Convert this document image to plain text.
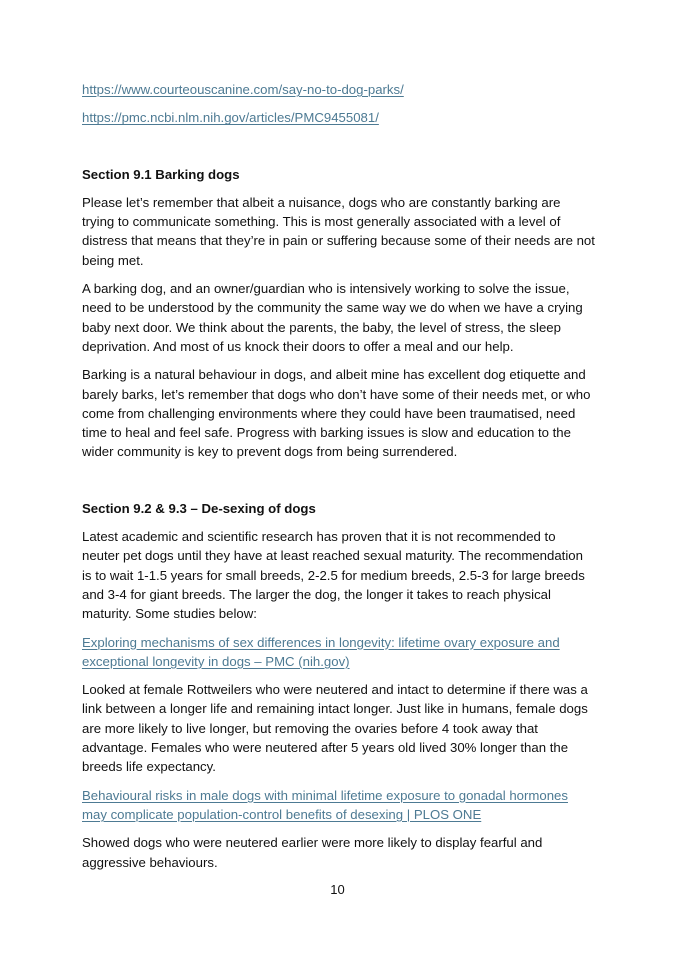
https://www.courteouscanine.com/say-no-to-dog-parks/
https://pmc.ncbi.nlm.nih.gov/articles/PMC9455081/
Section 9.1 Barking dogs

Please let’s remember that albeit a nuisance, dogs who are constantly barking are trying to communicate something. This is most generally associated with a level of distress that means that they’re in pain or suffering because some of their needs are not being met.

A barking dog, and an owner/guardian who is intensively working to solve the issue, need to be understood by the community the same way we do when we have a crying baby next door. We think about the parents, the baby, the level of stress, the sleep deprivation. And most of us knock their doors to offer a meal and our help.

Barking is a natural behaviour in dogs, and albeit mine has excellent dog etiquette and barely barks, let’s remember that dogs who don’t have some of their needs met, or who come from challenging environments where they could have been traumatised, need time to heal and feel safe. Progress with barking issues is slow and education to the wider community is key to prevent dogs from being surrendered.

Section 9.2 & 9.3 – De-sexing of dogs

Latest academic and scientific research has proven that it is not recommended to neuter pet dogs until they have at least reached sexual maturity. The recommendation is to wait 1-1.5 years for small breeds, 2-2.5 for medium breeds, 2.5-3 for large breeds and 3-4 for giant breeds. The larger the dog, the longer it takes to reach physical maturity. Some studies below:

Exploring mechanisms of sex differences in longevity: lifetime ovary exposure and exceptional longevity in dogs – PMC (nih.gov)

Looked at female Rottweilers who were neutered and intact to determine if there was a link between a longer life and remaining intact longer. Just like in humans, female dogs are more likely to live longer, but removing the ovaries before 4 took away that advantage. Females who were neutered after 5 years old lived 30% longer than the breeds life expectancy.

Behavioural risks in male dogs with minimal lifetime exposure to gonadal hormones may complicate population-control benefits of desexing | PLOS ONE

Showed dogs who were neutered earlier were more likely to display fearful and aggressive behaviours.

10
